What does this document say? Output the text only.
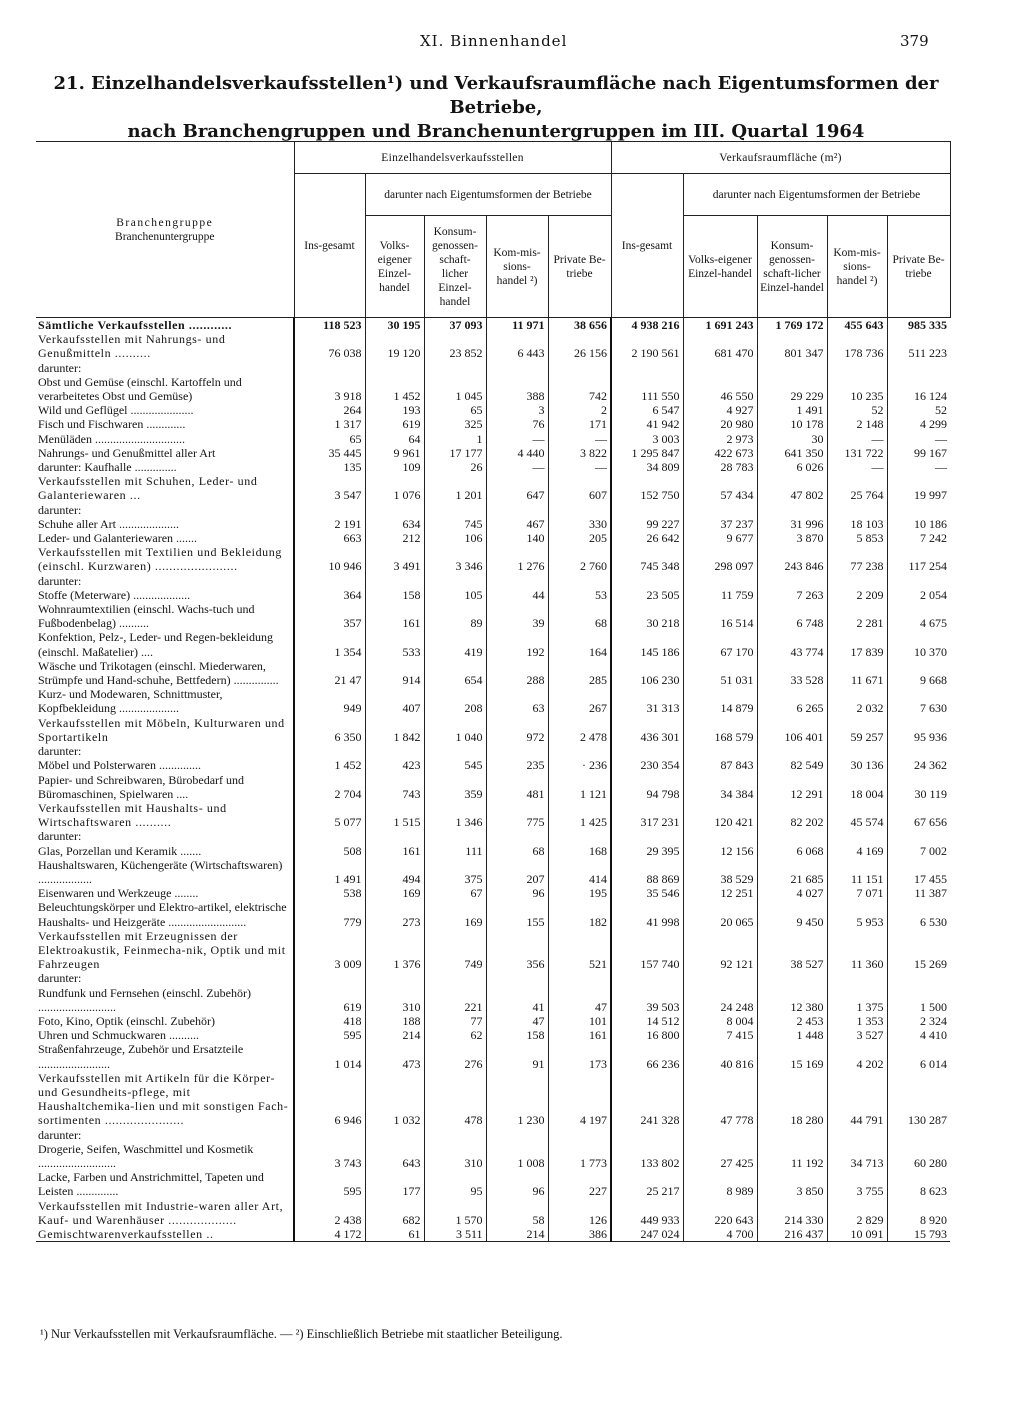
XI. Binnenhandel	379
21. Einzelhandelsverkaufsstellen¹) und Verkaufsraumfläche nach Eigentumsformen der Betriebe,
nach Branchengruppen und Branchenuntergruppen im III. Quartal 1964
Branchengruppe
Branchenuntergruppe	Einzelhandelsverkaufsstellen					Verkaufsraumfläche (m²)				
	Ins-gesamt	darunter nach Eigentumsformen der Betriebe				Ins-gesamt	darunter nach Eigentumsformen der Betriebe			
		Volks-eigener Einzel-handel	Konsum-genossen-schaft-licher Einzel-handel	Kom-mis-sions-handel ²)	Private Be-triebe		Volks-eigener Einzel-handel	Konsum-genossen-schaft-licher Einzel-handel	Kom-mis-sions-handel ²)	Private Be-triebe
Sämtliche Verkaufsstellen ............	118 523	30 195	37 093	11 971	38 656	4 938 216	1 691 243	1 769 172	455 643	985 335
Verkaufsstellen mit Nahrungs- und Genußmitteln ..........	76 038	19 120	23 852	6 443	26 156	2 190 561	681 470	801 347	178 736	511 223
darunter:										
Obst und Gemüse (einschl. Kartoffeln und verarbeitetes Obst und Gemüse)	3 918	1 452	1 045	388	742	111 550	46 550	29 229	10 235	16 124
Wild und Geflügel .....................	264	193	65	3	2	6 547	4 927	1 491	52	52
Fisch und Fischwaren .............	1 317	619	325	76	171	41 942	20 980	10 178	2 148	4 299
Menüläden ..............................	65	64	1	—	—	3 003	2 973	30	—	—
Nahrungs- und Genußmittel aller Art	35 445	9 961	17 177	4 440	3 822	1 295 847	422 673	641 350	131 722	99 167
darunter: Kaufhalle ..............	135	109	26	—	—	34 809	28 783	6 026	—	—
Verkaufsstellen mit Schuhen, Leder- und Galanteriewaren ...	3 547	1 076	1 201	647	607	152 750	57 434	47 802	25 764	19 997
darunter:										
Schuhe aller Art ....................	2 191	634	745	467	330	99 227	37 237	31 996	18 103	10 186
Leder- und Galanteriewaren .......	663	212	106	140	205	26 642	9 677	3 870	5 853	7 242
Verkaufsstellen mit Textilien und Bekleidung (einschl. Kurzwaren) .......................	10 946	3 491	3 346	1 276	2 760	745 348	298 097	243 846	77 238	117 254
darunter:										
Stoffe (Meterware) ...................	364	158	105	44	53	23 505	11 759	7 263	2 209	2 054
Wohnraumtextilien (einschl. Wachs-tuch und Fußbodenbelag) ..........	357	161	89	39	68	30 218	16 514	6 748	2 281	4 675
Konfektion, Pelz-, Leder- und Regen-bekleidung (einschl. Maßatelier) ....	1 354	533	419	192	164	145 186	67 170	43 774	17 839	10 370
Wäsche und Trikotagen (einschl. Miederwaren, Strümpfe und Hand-schuhe, Bettfedern) ...............	21 47	914	654	288	285	106 230	51 031	33 528	11 671	9 668
Kurz- und Modewaren, Schnittmuster, Kopfbekleidung ....................	949	407	208	63	267	31 313	14 879	6 265	2 032	7 630
Verkaufsstellen mit Möbeln, Kulturwaren und Sportartikeln	6 350	1 842	1 040	972	2 478	436 301	168 579	106 401	59 257	95 936
darunter:										
Möbel und Polsterwaren ..............	1 452	423	545	235	· 236	230 354	87 843	82 549	30 136	24 362
Papier- und Schreibwaren, Bürobedarf und Büromaschinen, Spielwaren ....	2 704	743	359	481	1 121	94 798	34 384	12 291	18 004	30 119
Verkaufsstellen mit Haushalts- und Wirtschaftswaren ..........	5 077	1 515	1 346	775	1 425	317 231	120 421	82 202	45 574	67 656
darunter:										
Glas, Porzellan und Keramik .......	508	161	111	68	168	29 395	12 156	6 068	4 169	7 002
Haushaltswaren, Küchengeräte (Wirtschaftswaren) ..................	1 491	494	375	207	414	88 869	38 529	21 685	11 151	17 455
Eisenwaren und Werkzeuge ........	538	169	67	96	195	35 546	12 251	4 027	7 071	11 387
Beleuchtungskörper und Elektro-artikel, elektrische Haushalts- und Heizgeräte ..........................	779	273	169	155	182	41 998	20 065	9 450	5 953	6 530
Verkaufsstellen mit Erzeugnissen der Elektroakustik, Feinmecha-nik, Optik und mit Fahrzeugen	3 009	1 376	749	356	521	157 740	92 121	38 527	11 360	15 269
darunter:										
Rundfunk und Fernsehen (einschl. Zubehör) ..........................	619	310	221	41	47	39 503	24 248	12 380	1 375	1 500
Foto, Kino, Optik (einschl. Zubehör)	418	188	77	47	101	14 512	8 004	2 453	1 353	2 324
Uhren und Schmuckwaren ..........	595	214	62	158	161	16 800	7 415	1 448	3 527	4 410
Straßenfahrzeuge, Zubehör und Ersatzteile ........................	1 014	473	276	91	173	66 236	40 816	15 169	4 202	6 014
Verkaufsstellen mit Artikeln für die Körper- und Gesundheits-pflege, mit Haushaltchemika-lien und mit sonstigen Fach-sortimenten ......................	6 946	1 032	478	1 230	4 197	241 328	47 778	18 280	44 791	130 287
darunter:										
Drogerie, Seifen, Waschmittel und Kosmetik ..........................	3 743	643	310	1 008	1 773	133 802	27 425	11 192	34 713	60 280
Lacke, Farben und Anstrichmittel, Tapeten und Leisten ..............	595	177	95	96	227	25 217	8 989	3 850	3 755	8 623
Verkaufsstellen mit Industrie-waren aller Art, Kauf- und Warenhäuser ...................	2 438	682	1 570	58	126	449 933	220 643	214 330	2 829	8 920
Gemischtwarenverkaufsstellen ..	4 172	61	3 511	214	386	247 024	4 700	216 437	10 091	15 793
¹) Nur Verkaufsstellen mit Verkaufsraumfläche. — ²) Einschließlich Betriebe mit staatlicher Beteiligung.
